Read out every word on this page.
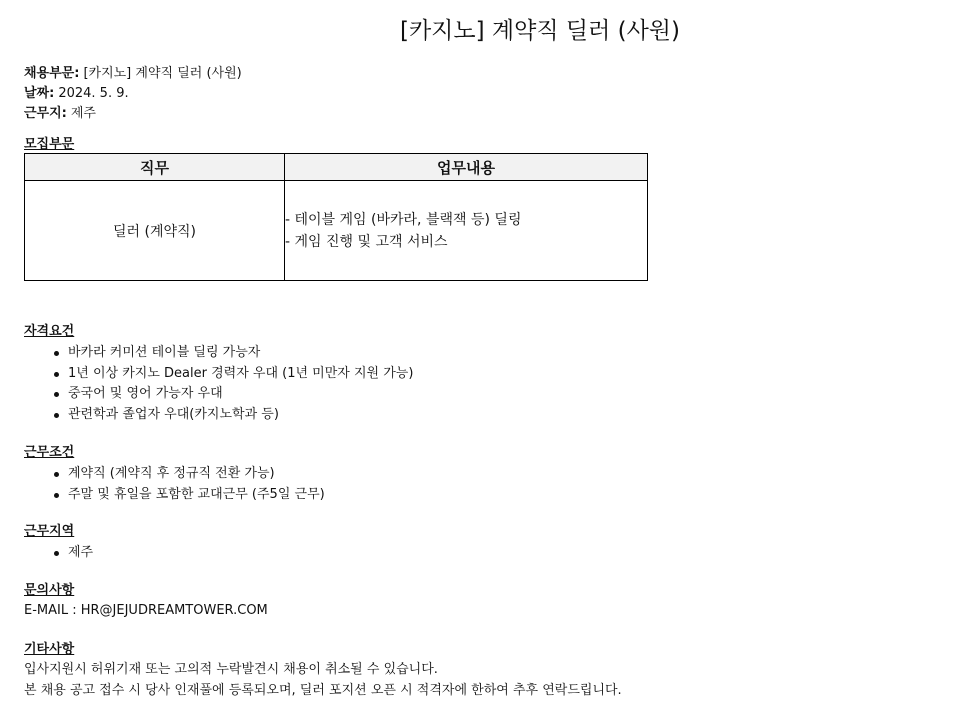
[카지노] 계약직 딜러 (사원)
채용부문: [카지노] 계약직 딜러 (사원)
날짜: 2024. 5. 9.
근무지: 제주
모집부문
직무	업무내용
딜러 (계약직)	- 테이블 게임 (바카라, 블랙잭 등) 딜링
- 게임 진행 및 고객 서비스
자격요건
바카라 커미션 테이블 딜링 가능자
1년 이상 카지노 Dealer 경력자 우대 (1년 미만자 지원 가능)
중국어 및 영어 가능자 우대
관련학과 졸업자 우대(카지노학과 등)
근무조건
계약직 (계약직 후 정규직 전환 가능)
주말 및 휴일을 포함한 교대근무 (주5일 근무)
근무지역
제주
문의사항
E-MAIL : HR@JEJUDREAMTOWER.COM
기타사항
입사지원시 허위기재 또는 고의적 누락발견시 채용이 취소될 수 있습니다.
본 채용 공고 접수 시 당사 인재풀에 등록되오며, 딜러 포지션 오픈 시 적격자에 한하여 추후 연락드립니다.
